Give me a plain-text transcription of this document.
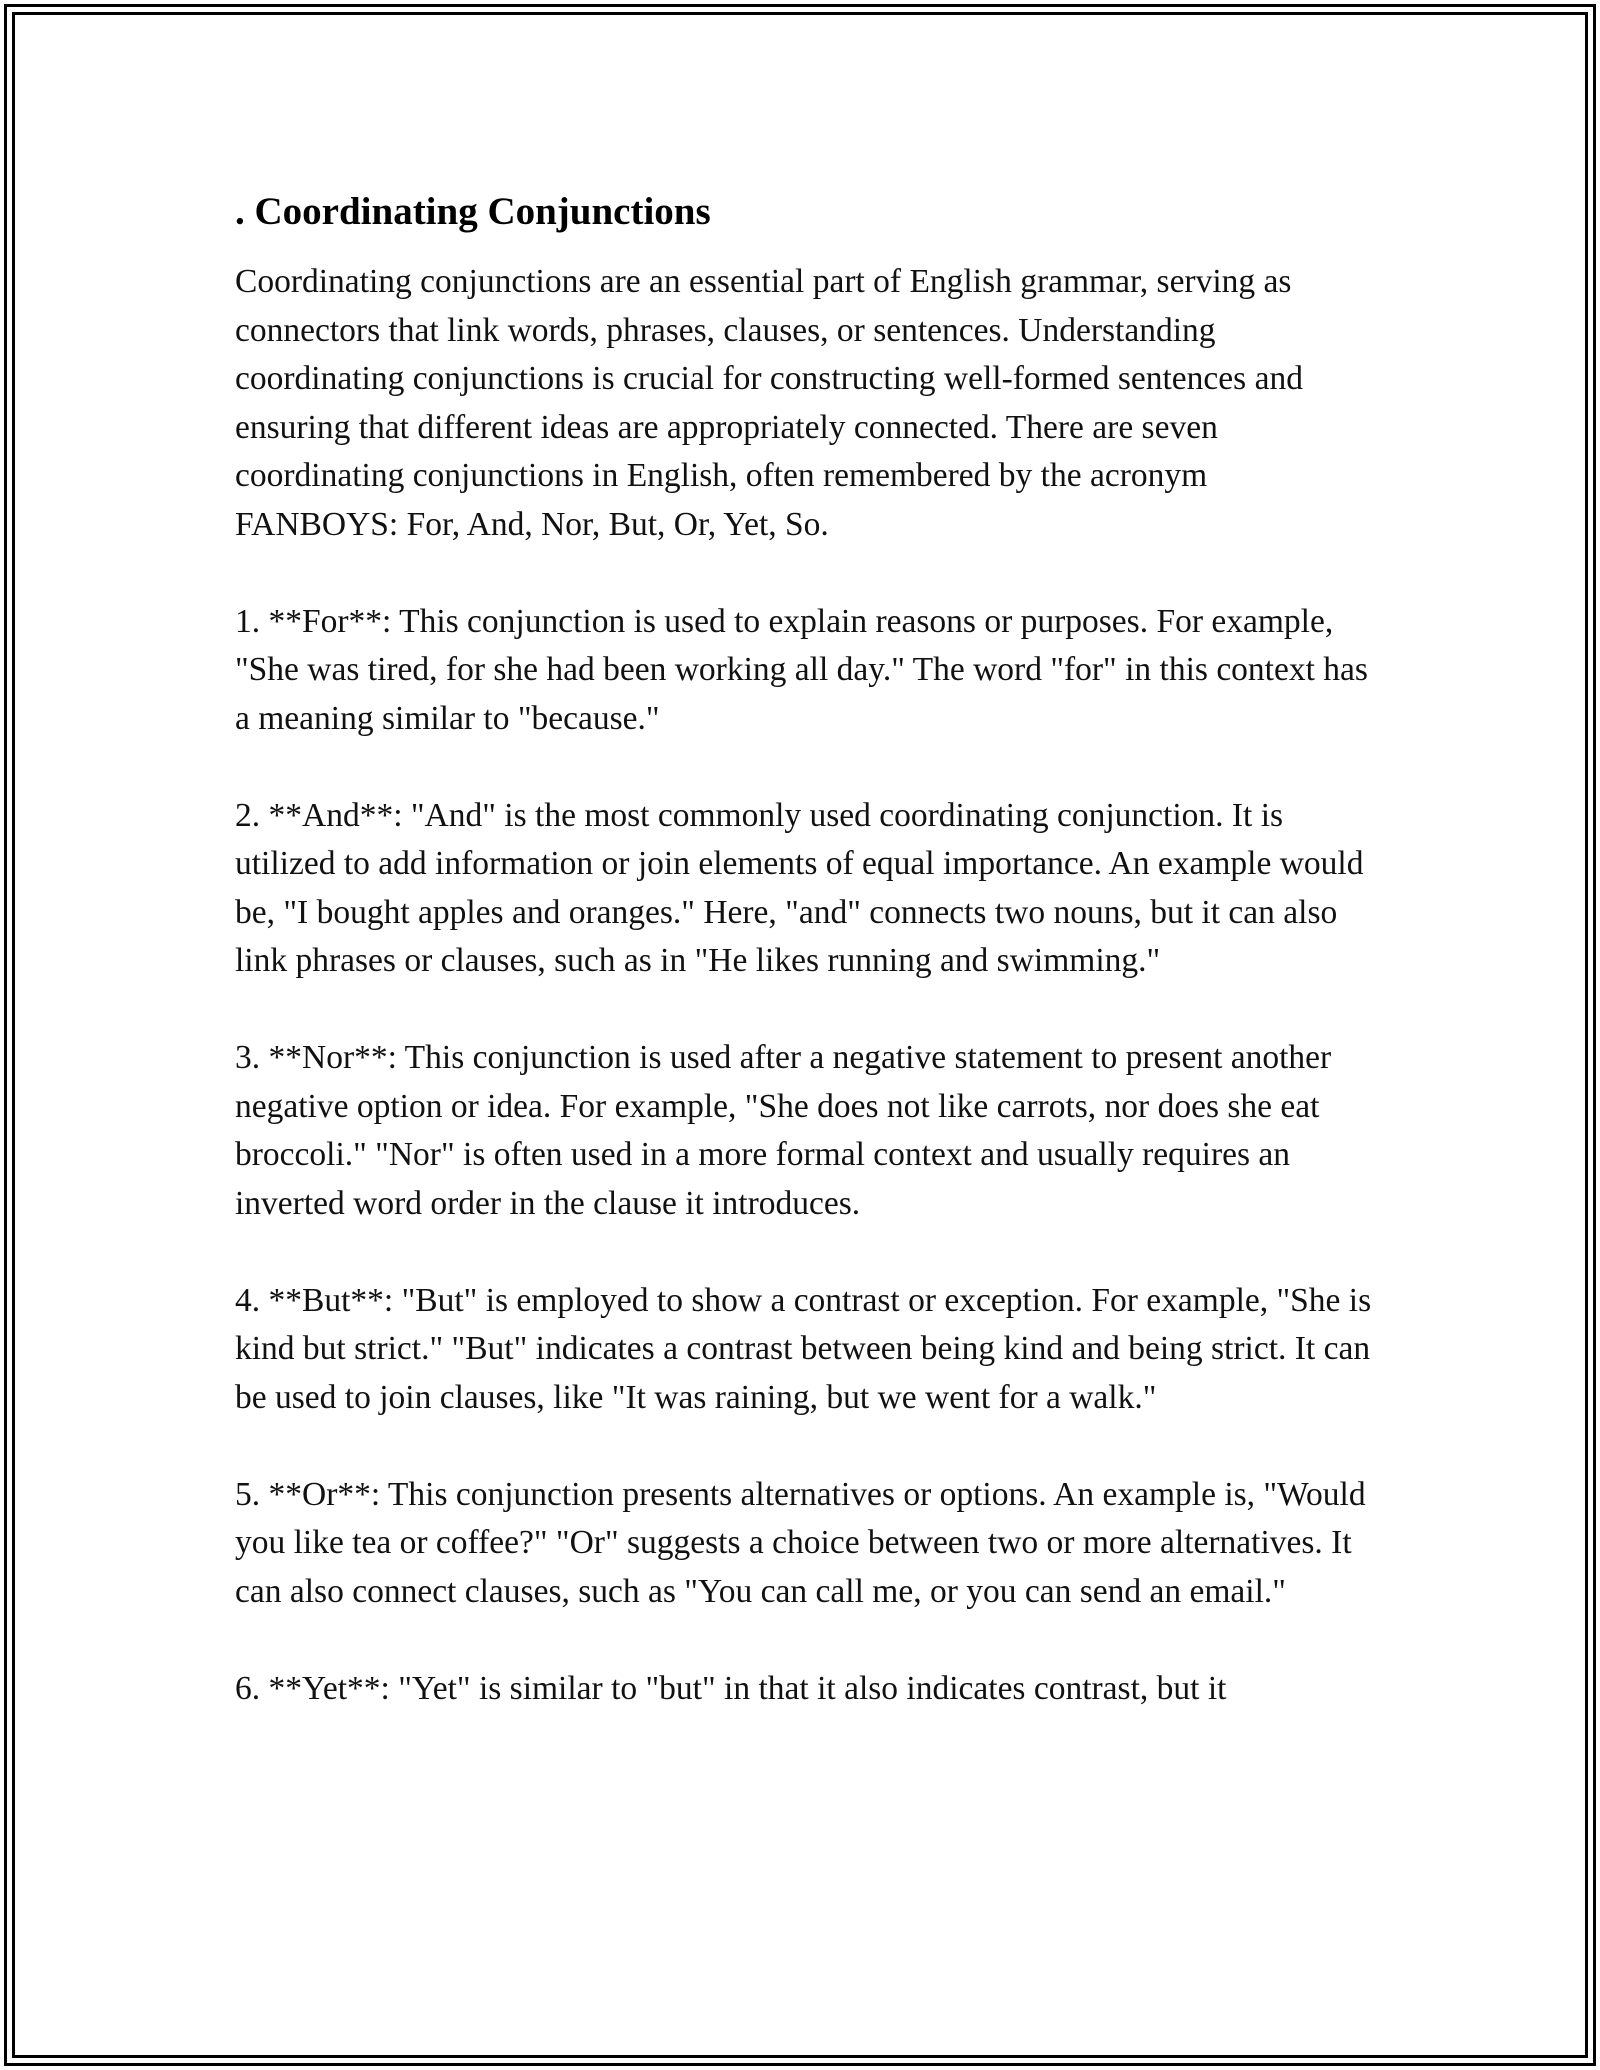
. Coordinating Conjunctions

Coordinating conjunctions are an essential part of English grammar, serving as connectors that link words, phrases, clauses, or sentences. Understanding coordinating conjunctions is crucial for constructing well-formed sentences and ensuring that different ideas are appropriately connected. There are seven coordinating conjunctions in English, often remembered by the acronym FANBOYS: For, And, Nor, But, Or, Yet, So.

1. **For**: This conjunction is used to explain reasons or purposes. For example, "She was tired, for she had been working all day." The word "for" in this context has a meaning similar to "because."

2. **And**: "And" is the most commonly used coordinating conjunction. It is utilized to add information or join elements of equal importance. An example would be, "I bought apples and oranges." Here, "and" connects two nouns, but it can also link phrases or clauses, such as in "He likes running and swimming."

3. **Nor**: This conjunction is used after a negative statement to present another negative option or idea. For example, "She does not like carrots, nor does she eat broccoli." "Nor" is often used in a more formal context and usually requires an inverted word order in the clause it introduces.

4. **But**: "But" is employed to show a contrast or exception. For example, "She is kind but strict." "But" indicates a contrast between being kind and being strict. It can be used to join clauses, like "It was raining, but we went for a walk."

5. **Or**: This conjunction presents alternatives or options. An example is, "Would you like tea or coffee?" "Or" suggests a choice between two or more alternatives. It can also connect clauses, such as "You can call me, or you can send an email."

6. **Yet**: "Yet" is similar to "but" in that it also indicates contrast, but it
